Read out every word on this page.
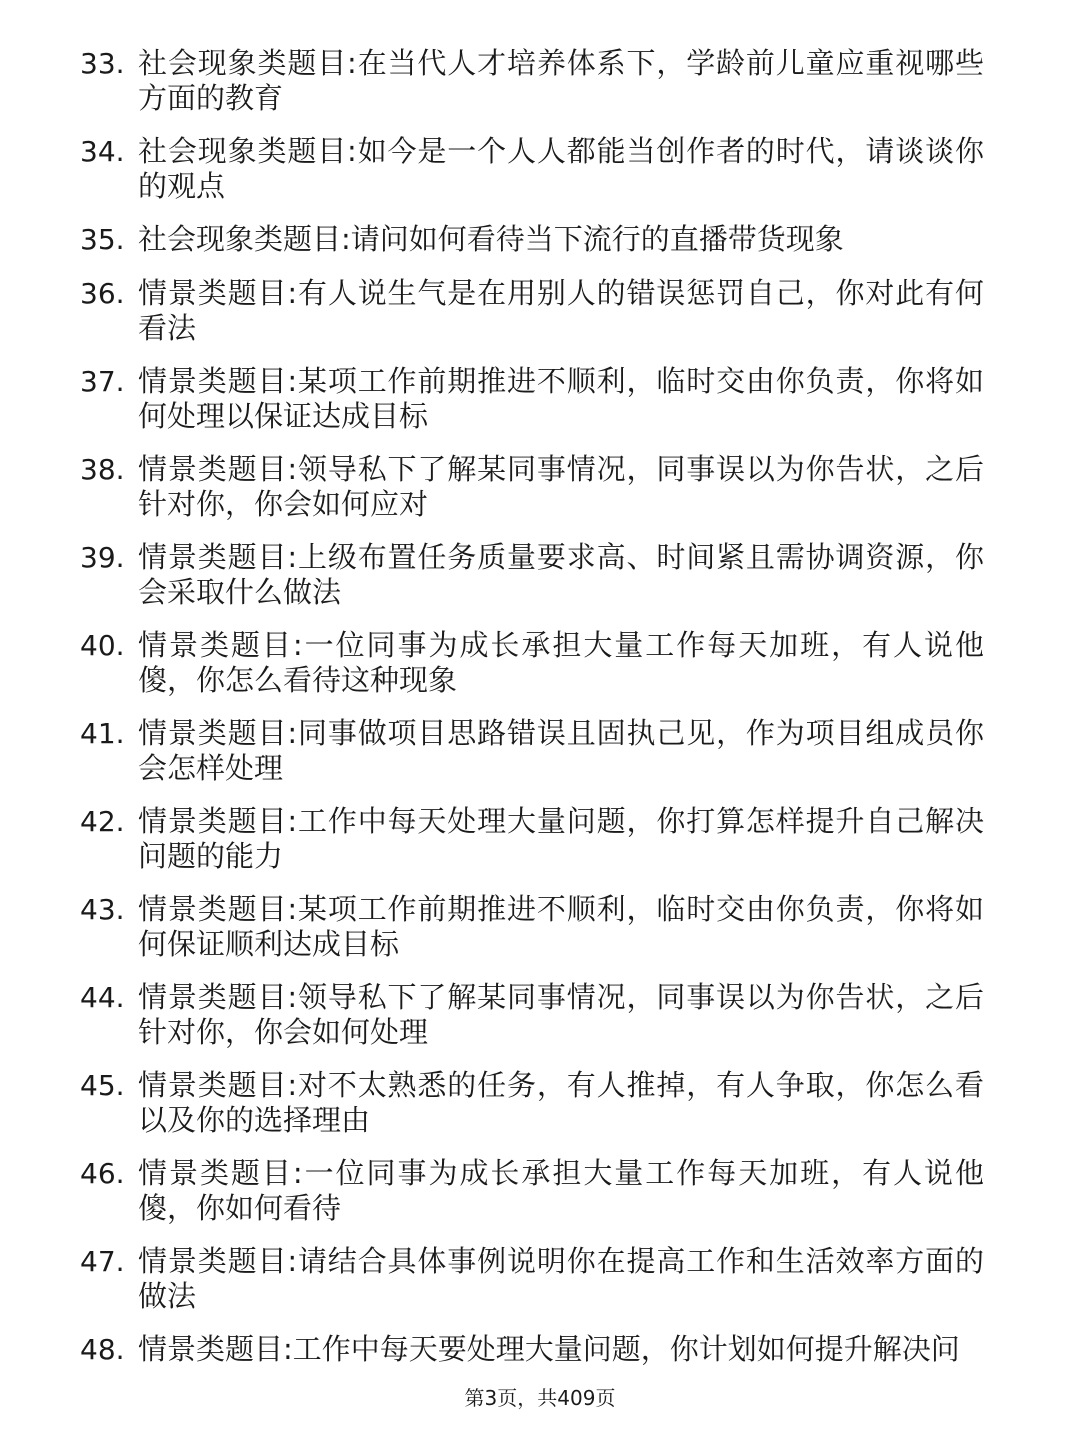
33. 社会现象类题目:在当代人才培养体系下，学龄前儿童应重视哪些方面的教育
34. 社会现象类题目:如今是一个人人都能当创作者的时代，请谈谈你的观点
35. 社会现象类题目:请问如何看待当下流行的直播带货现象
36. 情景类题目:有人说生气是在用别人的错误惩罚自己，你对此有何看法
37. 情景类题目:某项工作前期推进不顺利，临时交由你负责，你将如何处理以保证达成目标
38. 情景类题目:领导私下了解某同事情况，同事误以为你告状，之后针对你，你会如何应对
39. 情景类题目:上级布置任务质量要求高、时间紧且需协调资源，你会采取什么做法
40. 情景类题目:一位同事为成长承担大量工作每天加班，有人说他傻，你怎么看待这种现象
41. 情景类题目:同事做项目思路错误且固执己见，作为项目组成员你会怎样处理
42. 情景类题目:工作中每天处理大量问题，你打算怎样提升自己解决问题的能力
43. 情景类题目:某项工作前期推进不顺利，临时交由你负责，你将如何保证顺利达成目标
44. 情景类题目:领导私下了解某同事情况，同事误以为你告状，之后针对你，你会如何处理
45. 情景类题目:对不太熟悉的任务，有人推掉，有人争取，你怎么看以及你的选择理由
46. 情景类题目:一位同事为成长承担大量工作每天加班，有人说他傻，你如何看待
47. 情景类题目:请结合具体事例说明你在提高工作和生活效率方面的做法
48. 情景类题目:工作中每天要处理大量问题，你计划如何提升解决问
第3页，共409页
